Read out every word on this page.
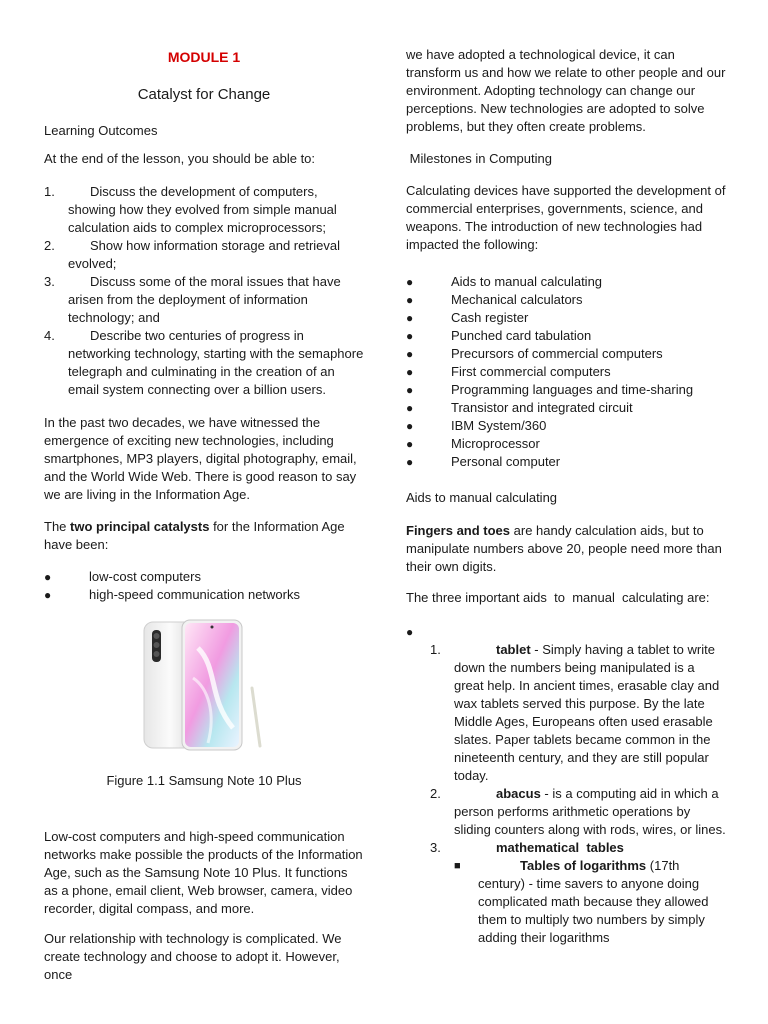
MODULE 1

Catalyst for Change

Learning Outcomes

At the end of the lesson, you should be able to:

1.	Discuss the development of computers, showing how they evolved from simple manual calculation aids to complex microprocessors;
2.	Show how information storage and retrieval evolved;
3.	Discuss some of the moral issues that have arisen from the deployment of information technology; and
4.	Describe two centuries of progress in networking technology, starting with the semaphore telegraph and culminating in the creation of an email system connecting over a billion users.

In the past two decades, we have witnessed the emergence of exciting new technologies, including smartphones, MP3 players, digital photography, email, and the World Wide Web. There is good reason to say we are living in the Information Age.

The two principal catalysts for the Information Age have been:

●	low-cost computers
●	high-speed communication networks

Figure 1.1 Samsung Note 10 Plus

Low-cost computers and high-speed communication networks make possible the products of the Information Age, such as the Samsung Note 10 Plus. It functions as a phone, email client, Web browser, camera, video recorder, digital compass, and more.

Our relationship with technology is complicated. We create technology and choose to adopt it. However, once

we have adopted a technological device, it can transform us and how we relate to other people and our environment. Adopting technology can change our perceptions. New technologies are adopted to solve problems, but they often create problems.

Milestones in Computing

Calculating devices have supported the development of commercial enterprises, governments, science, and weapons. The introduction of new technologies had impacted the following:

●	Aids to manual calculating
●	Mechanical calculators
●	Cash register
●	Punched card tabulation
●	Precursors of commercial computers
●	First commercial computers
●	Programming languages and time-sharing
●	Transistor and integrated circuit
●	IBM System/360
●	Microprocessor
●	Personal computer

Aids to manual calculating

Fingers and toes are handy calculation aids, but to manipulate numbers above 20, people need more than their own digits.

The three important aids  to  manual  calculating are:

●
1.	tablet - Simply having a tablet to write down the numbers being manipulated is a great help. In ancient times, erasable clay and wax tablets served this purpose. By the late Middle Ages, Europeans often used erasable slates. Paper tablets became common in the nineteenth century, and they are still popular today.
2.	abacus - is a computing aid in which a person performs arithmetic operations by sliding counters along with rods, wires, or lines.
3.	mathematical  tables
■	Tables of logarithms (17th century) - time savers to anyone doing complicated math because they allowed them to multiply two numbers by simply adding their logarithms
